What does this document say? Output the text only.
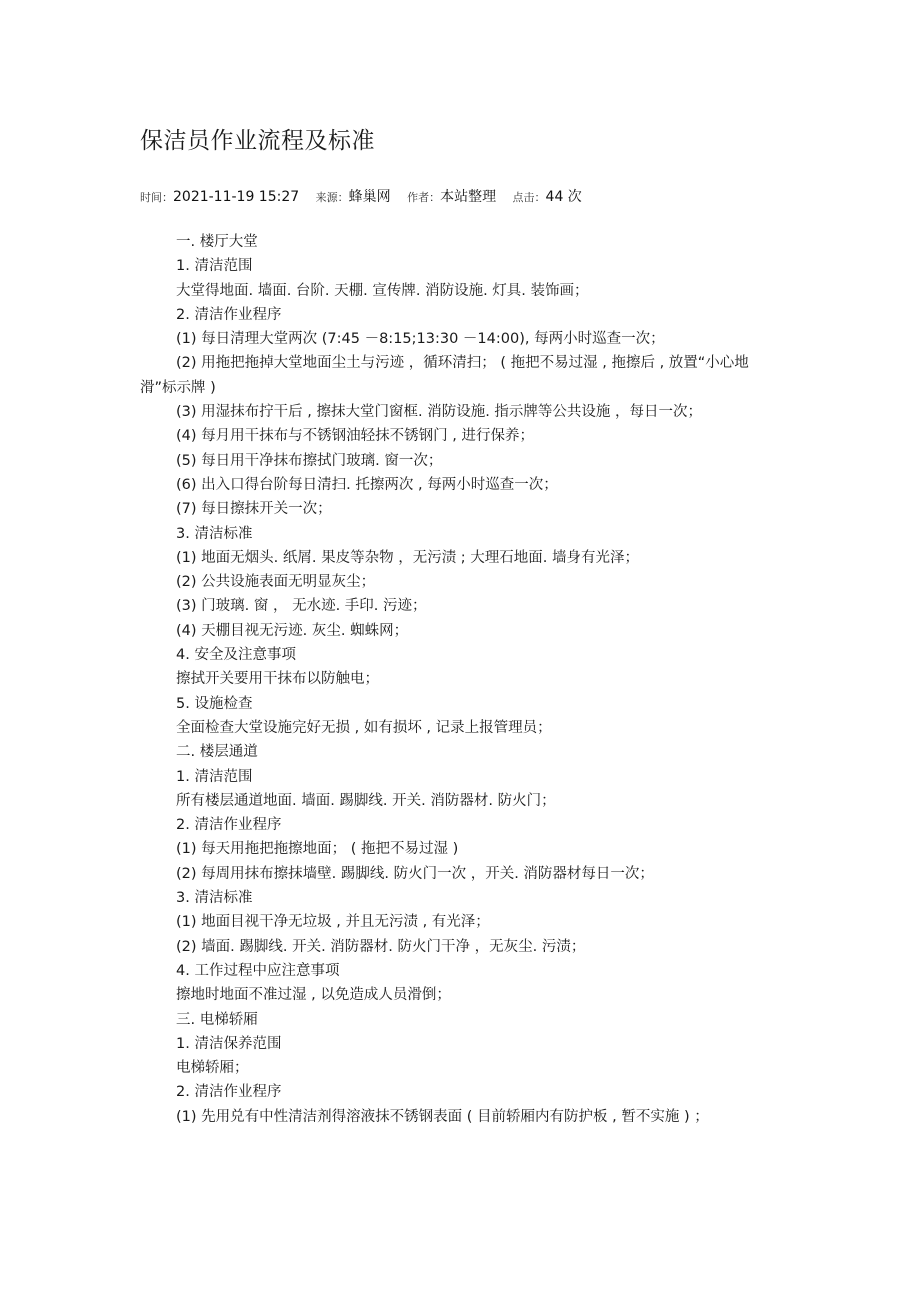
保洁员作业流程及标准
时间：2021-11-19 15:27 来源：蜂巢网 作者：本站整理 点击：44 次

一. 楼厅大堂

1. 清洁范围

大堂得地面. 墙面. 台阶. 天棚. 宣传牌. 消防设施. 灯具. 装饰画；

2. 清洁作业程序

(1) 每日清理大堂两次 (7:45 －8:15;13:30 －14:00), 每两小时巡查一次；

(2) 用拖把拖掉大堂地面尘土与污迹 ，循环清扫； ( 拖把不易过湿 , 拖擦后 , 放置“小心地滑”标示牌 )

(3) 用湿抹布拧干后 , 擦抹大堂门窗框. 消防设施. 指示牌等公共设施 ，每日一次；

(4) 每月用干抹布与不锈钢油轻抹不锈钢门 , 进行保养；

(5) 每日用干净抹布擦拭门玻璃. 窗一次；

(6) 出入口得台阶每日清扫. 托擦两次 , 每两小时巡查一次；

(7) 每日擦抹开关一次；

3. 清洁标准

(1) 地面无烟头. 纸屑. 果皮等杂物 ，无污渍 ; 大理石地面. 墙身有光泽；

(2) 公共设施表面无明显灰尘；

(3) 门玻璃. 窗 ， 无水迹. 手印. 污迹；

(4) 天棚目视无污迹. 灰尘. 蜘蛛网；

4. 安全及注意事项

擦拭开关要用干抹布以防触电；

5. 设施检查

全面检查大堂设施完好无损 , 如有损坏 , 记录上报管理员；

二. 楼层通道

1. 清洁范围

所有楼层通道地面. 墙面. 踢脚线. 开关. 消防器材. 防火门；

2. 清洁作业程序

(1) 每天用拖把拖擦地面； ( 拖把不易过湿 )

(2) 每周用抹布擦抹墙壁. 踢脚线. 防火门一次 ，开关. 消防器材每日一次；

3. 清洁标准

(1) 地面目视干净无垃圾 , 并且无污渍 , 有光泽；

(2) 墙面. 踢脚线. 开关. 消防器材. 防火门干净 ，无灰尘. 污渍；

4. 工作过程中应注意事项

擦地时地面不准过湿 , 以免造成人员滑倒；

三. 电梯轿厢

1. 清洁保养范围

电梯轿厢；

2. 清洁作业程序

(1) 先用兑有中性清洁剂得溶液抹不锈钢表面 ( 目前轿厢内有防护板 , 暂不实施 ) ；
